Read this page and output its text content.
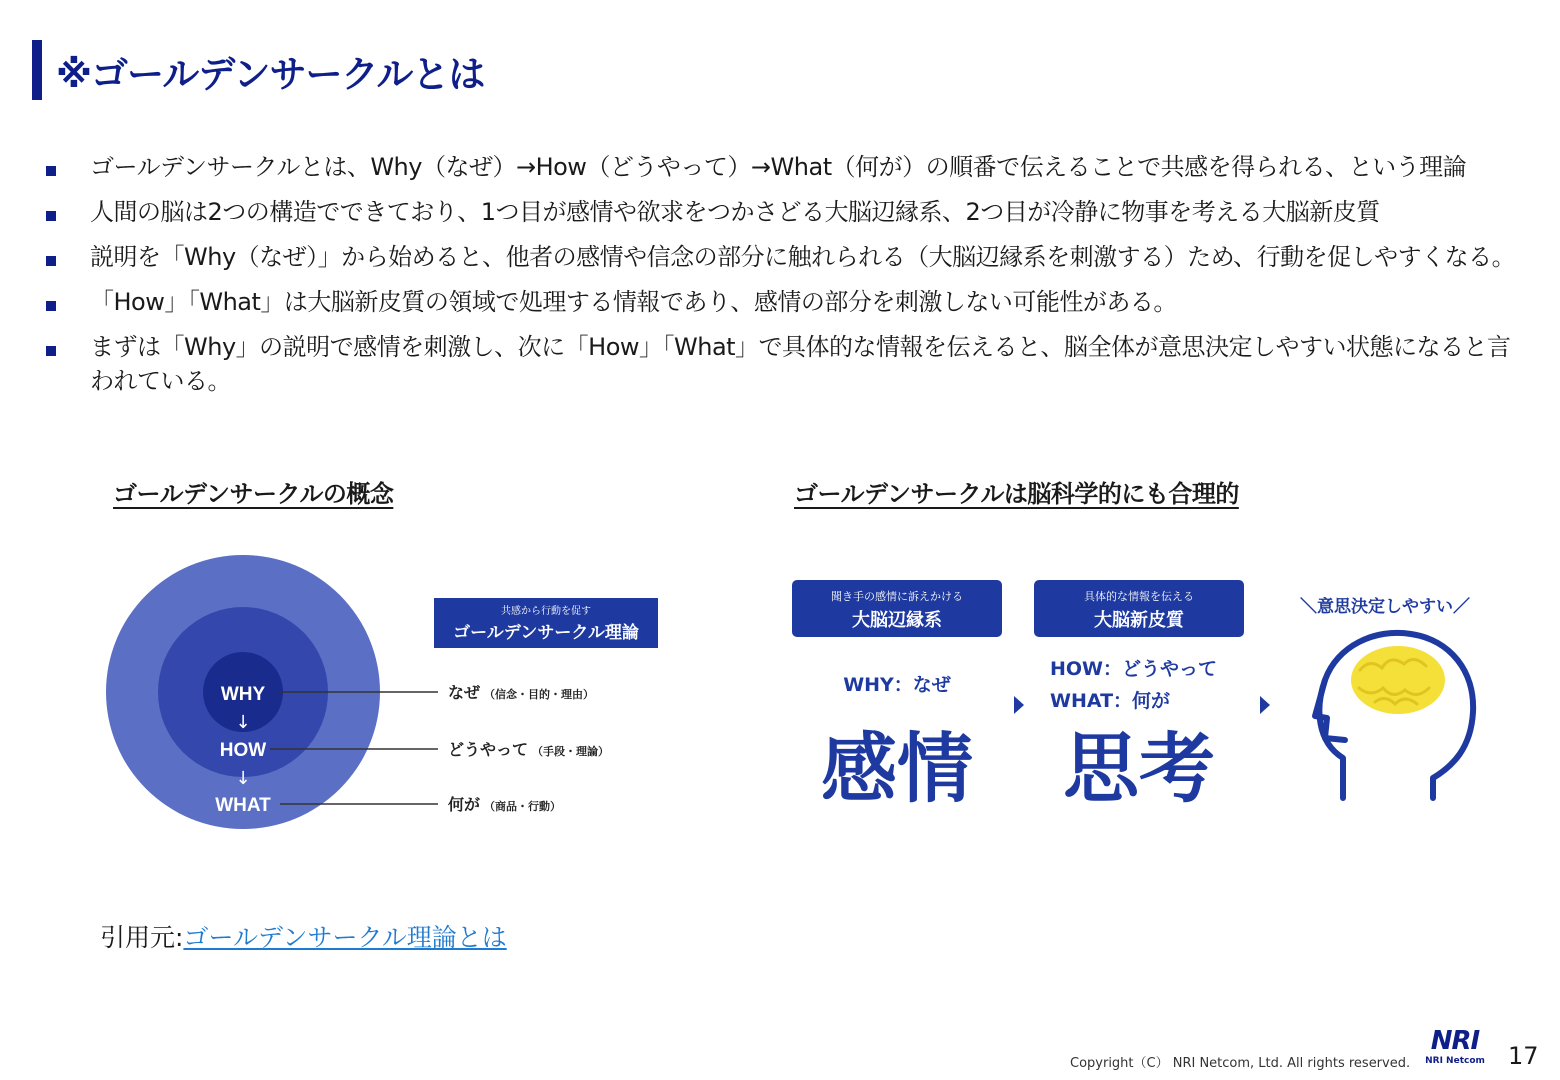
※ゴールデンサークルとは
ゴールデンサークルとは、Why（なぜ）→How（どうやって）→What（何が）の順番で伝えることで共感を得られる、という理論
人間の脳は2つの構造でできており、1つ目が感情や欲求をつかさどる大脳辺縁系、2つ目が冷静に物事を考える大脳新皮質
説明を「Why（なぜ）」から始めると、他者の感情や信念の部分に触れられる（大脳辺縁系を刺激する）ため、行動を促しやすくなる。
「How」「What」は大脳新皮質の領域で処理する情報であり、感情の部分を刺激しない可能性がある。
まずは「Why」の説明で感情を刺激し、次に「How」「What」で具体的な情報を伝えると、脳全体が意思決定しやすい状態になると言われている。
ゴールデンサークルの概念	ゴールデンサークルは脳科学的にも合理的
WHY
↓
HOW
↓
WHAT
共感から行動を促す
ゴールデンサークル理論
なぜ （信念・目的・理由）
どうやって （手段・理論）
何が （商品・行動）
聞き手の感情に訴えかける
大脳辺縁系
具体的な情報を伝える
大脳新皮質
WHY：なぜ
感情
HOW：どうやって
WHAT：何が
思考
＼意思決定しやすい／
引用元:ゴールデンサークル理論とは
Copyright（C） NRI Netcom, Ltd. All rights reserved.
NRI
NRI Netcom 17
